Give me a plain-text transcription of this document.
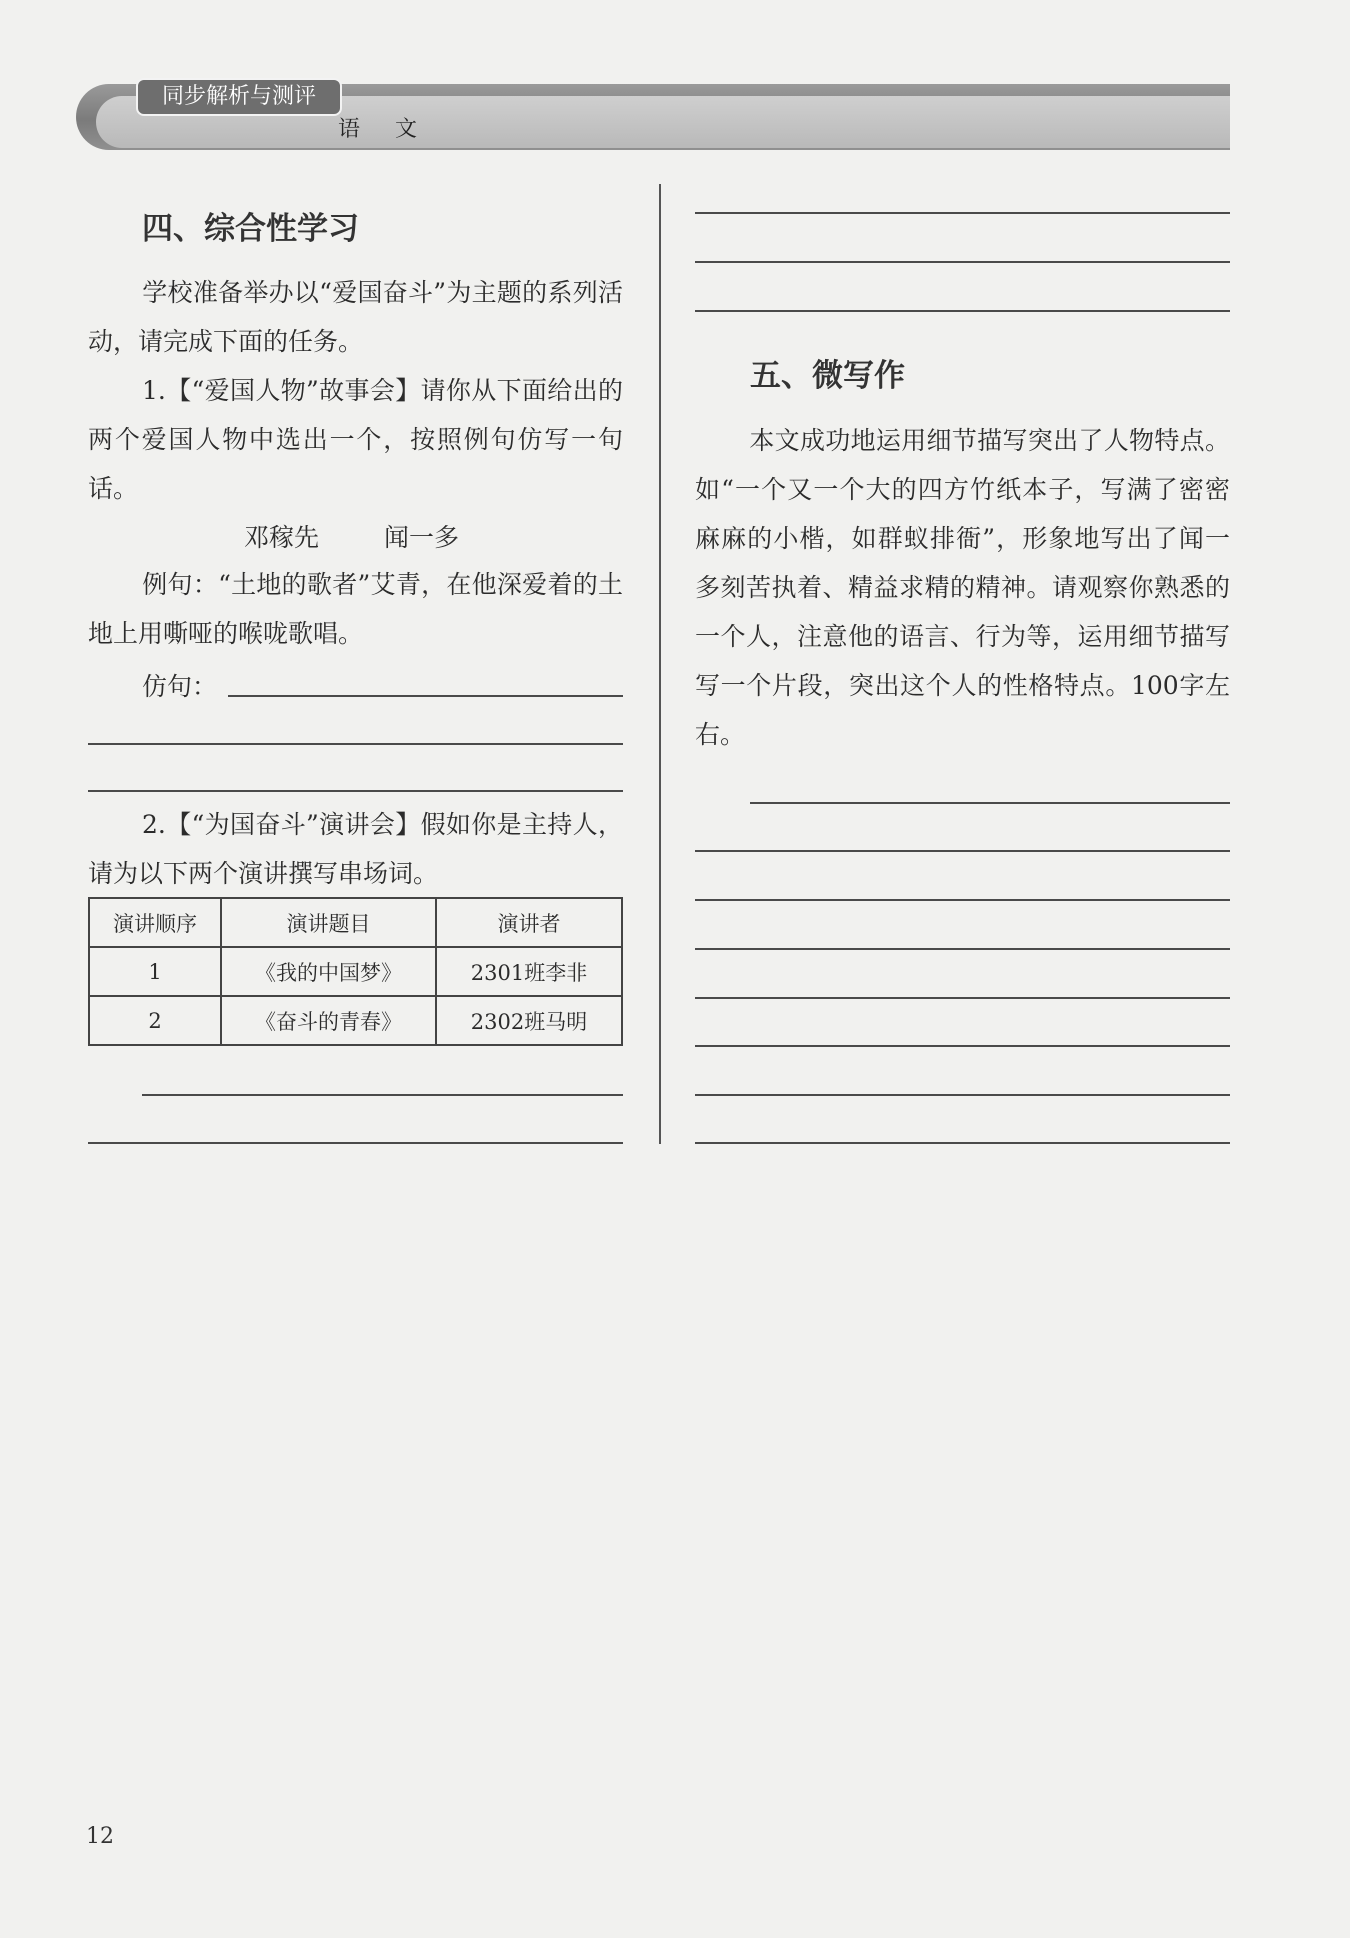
同步解析与测评
语 文
四、综合性学习

学校准备举办以“爱国奋斗”为主题的系列活动，请完成下面的任务。

1.【“爱国人物”故事会】请你从下面给出的两个爱国人物中选出一个，按照例句仿写一句话。

邓稼先	闻一多

例句：“土地的歌者”艾青，在他深爱着的土地上用嘶哑的喉咙歌唱。

仿句：

2.【“为国奋斗”演讲会】假如你是主持人，请为以下两个演讲撰写串场词。

演讲顺序	演讲题目	演讲者
1	《我的中国梦》	2301班李非
2	《奋斗的青春》	2302班马明
五、微写作

本文成功地运用细节描写突出了人物特点。如“一个又一个大的四方竹纸本子，写满了密密麻麻的小楷，如群蚁排衙”，形象地写出了闻一多刻苦执着、精益求精的精神。请观察你熟悉的一个人，注意他的语言、行为等，运用细节描写写一个片段，突出这个人的性格特点。100字左右。

12
